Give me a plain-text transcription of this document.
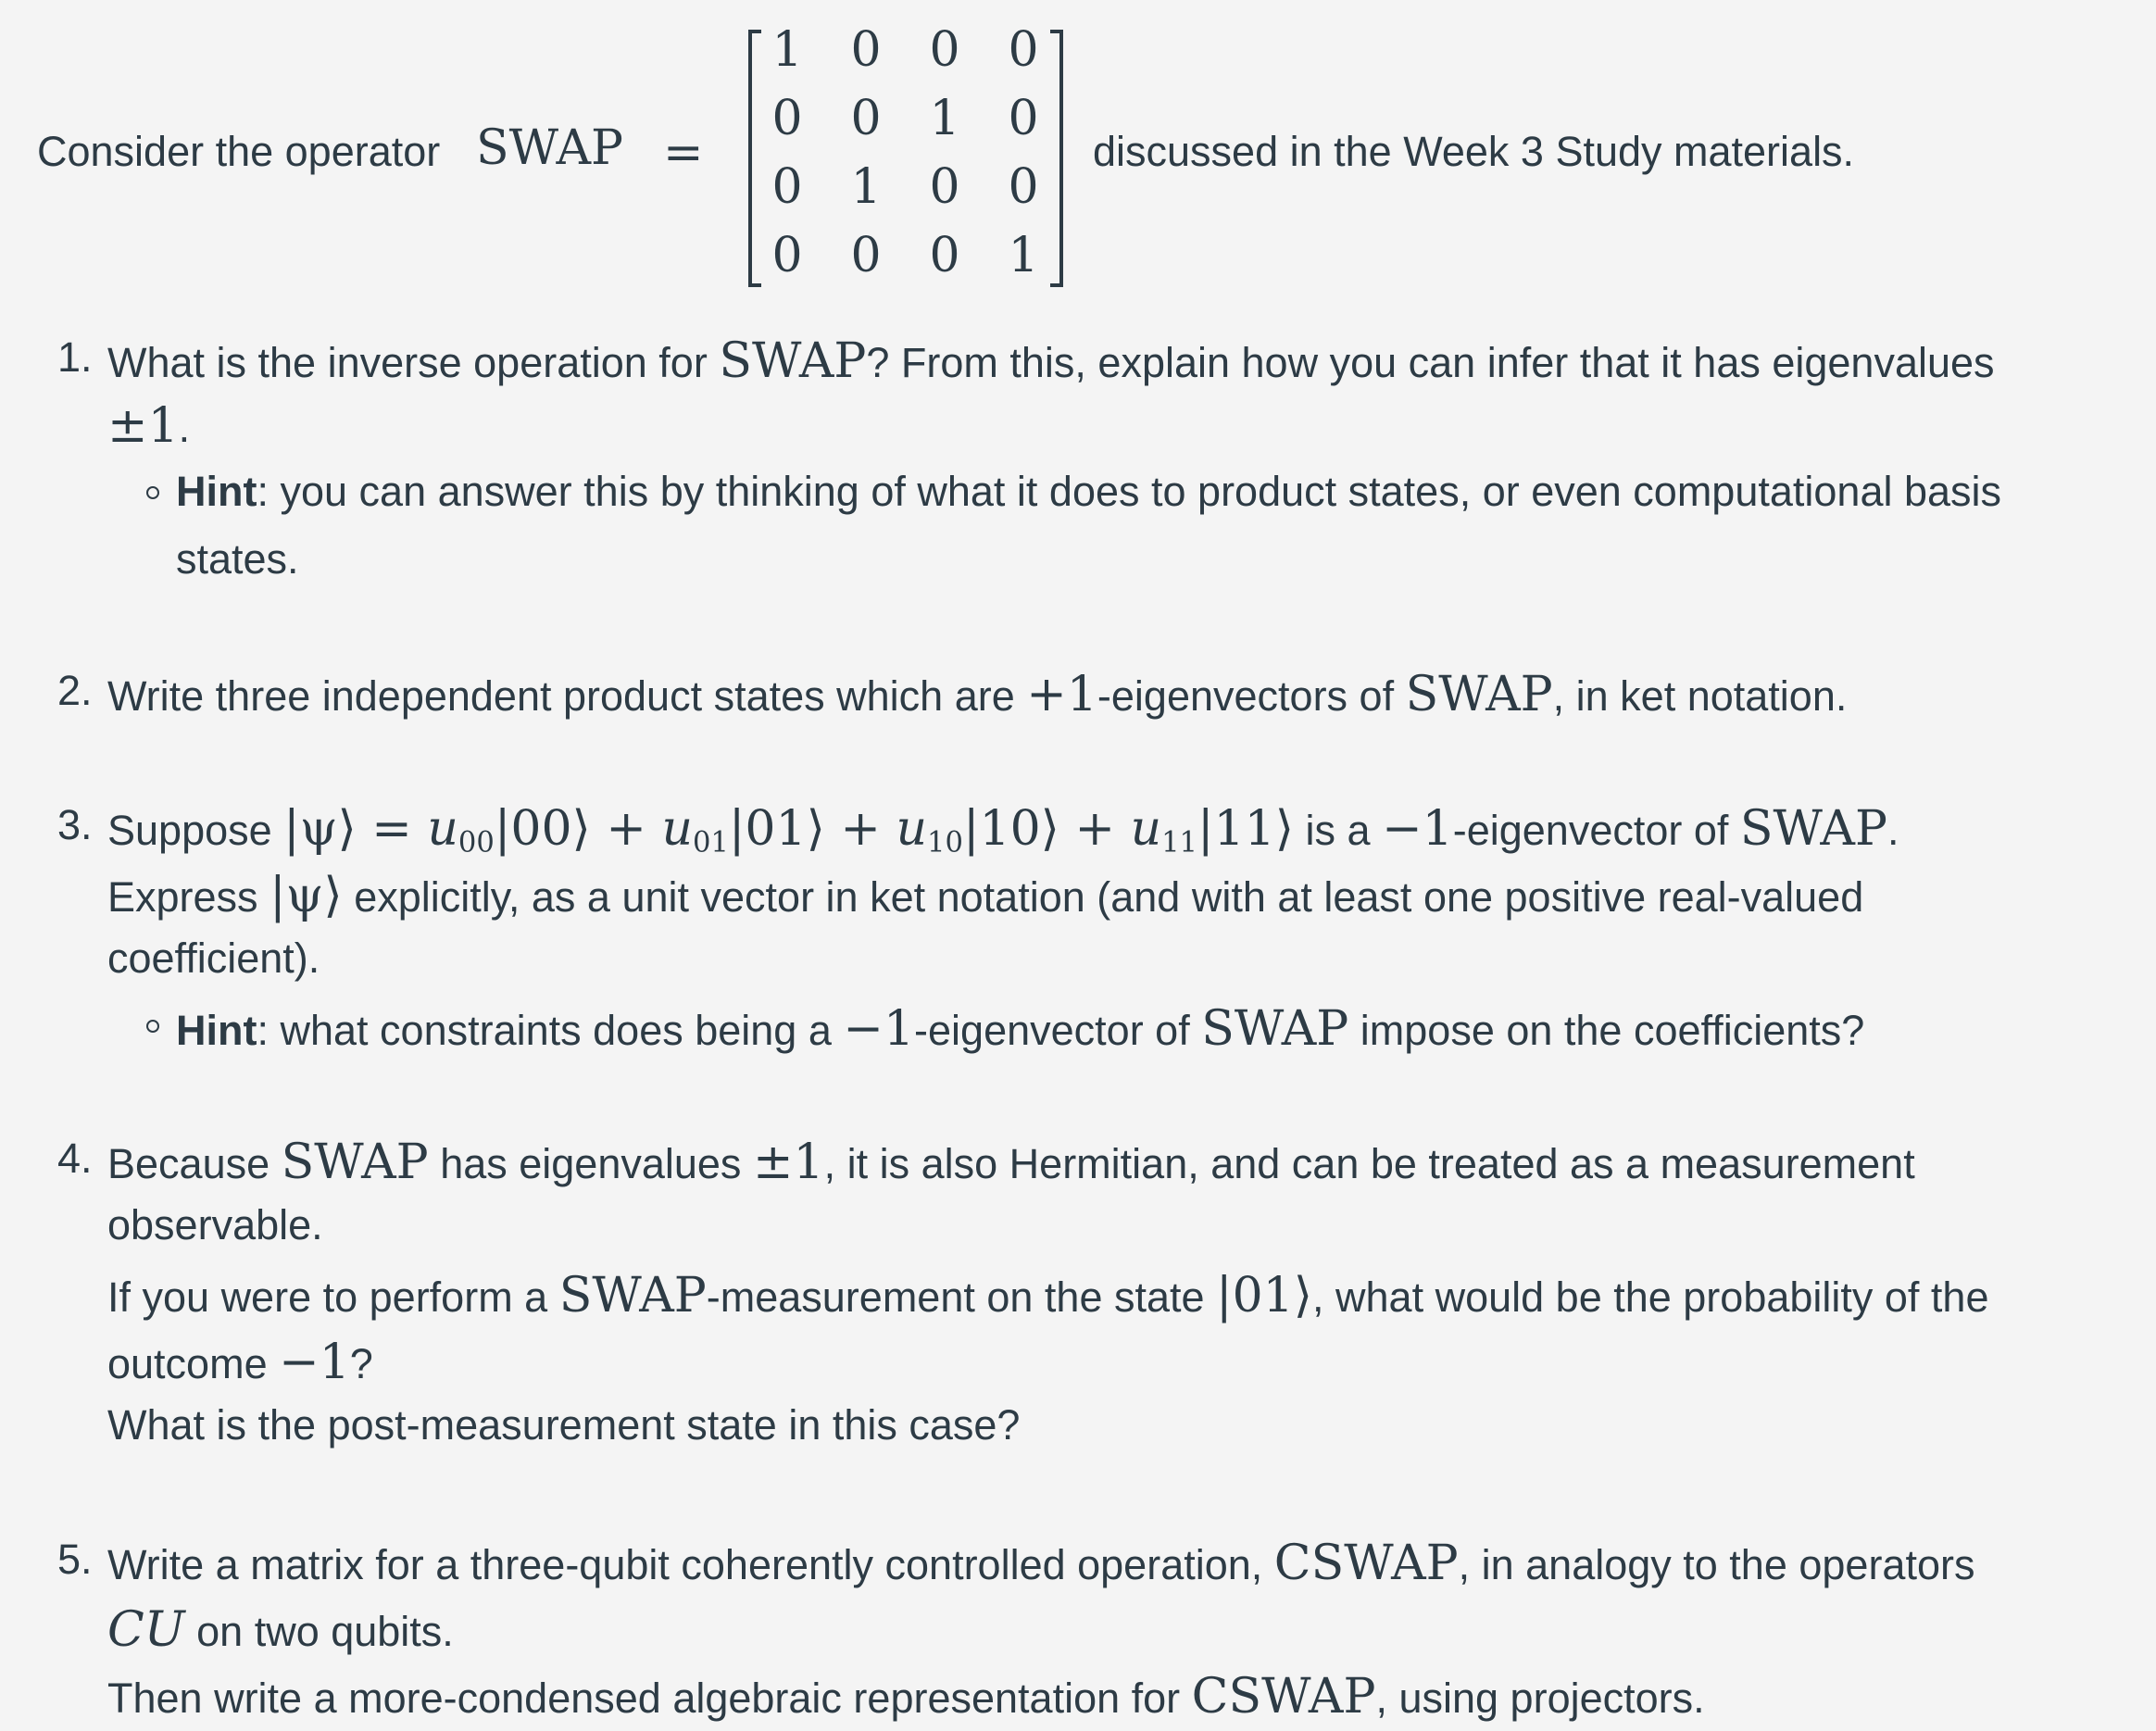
Consider the operator SWAP =
1 0 0 0
0 0 1 0
0 1 0 0
0 0 0 1
discussed in the Week 3 Study materials.
1. What is the inverse operation for SWAP? From this, explain how you can infer that it has eigenvalues
±1.
Hint: you can answer this by thinking of what it does to product states, or even computational basis
states.
2. Write three independent product states which are +1-eigenvectors of SWAP, in ket notation.
3. Suppose |ψ⟩ = $u_{00}|00⟩$ + $u_{01}|01⟩$ + $u_{10}|10⟩$ + $u_{11}|11⟩$ is a −1-eigenvector of SWAP.
Express |ψ⟩ explicitly, as a unit vector in ket notation (and with at least one positive real-valued
coefficient).
Hint: what constraints does being a −1-eigenvector of SWAP impose on the coefficients?
4. Because SWAP has eigenvalues ±1, it is also Hermitian, and can be treated as a measurement
observable.
If you were to perform a SWAP-measurement on the state |01⟩, what would be the probability of the
outcome −1?
What is the post-measurement state in this case?
5. Write a matrix for a three-qubit coherently controlled operation, CSWAP, in analogy to the operators
CU on two qubits.
Then write a more-condensed algebraic representation for CSWAP, using projectors.
